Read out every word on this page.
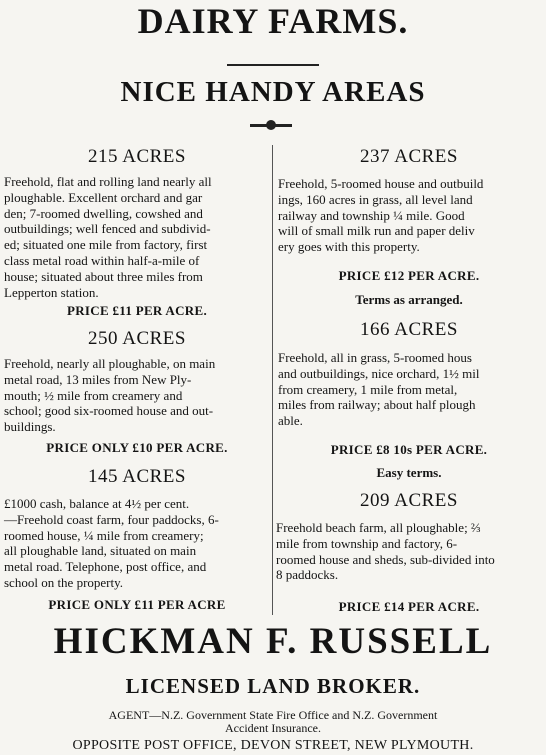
DAIRY FARMS.
NICE HANDY AREAS
215 ACRES
Freehold, flat and rolling land nearly all
ploughable. Excellent orchard and gar
den; 7-roomed dwelling, cowshed and
outbuildings; well fenced and subdivid-
ed; situated one mile from factory, first
class metal road within half-a-mile of
house; situated about three miles from
Lepperton station.
PRICE £11 PER ACRE.
250 ACRES
Freehold, nearly all ploughable, on main
metal road, 13 miles from New Ply-
mouth; ½ mile from creamery and
school; good six-roomed house and out-
buildings.
PRICE ONLY £10 PER ACRE.
145 ACRES
£1000 cash, balance at 4½ per cent.
—Freehold coast farm, four paddocks, 6-
roomed house, ¼ mile from creamery;
all ploughable land, situated on main
metal road. Telephone, post office, and
school on the property.
PRICE ONLY £11 PER ACRE
237 ACRES
Freehold, 5-roomed house and outbuild
ings, 160 acres in grass, all level land
railway and township ¼ mile. Good
will of small milk run and paper deliv
ery goes with this property.
PRICE £12 PER ACRE.
Terms as arranged.
166 ACRES
Freehold, all in grass, 5-roomed hous
and outbuildings, nice orchard, 1½ mil
from creamery, 1 mile from metal,
miles from railway; about half plough
able.
PRICE £8 10s PER ACRE.
Easy terms.
209 ACRES
Freehold beach farm, all ploughable; ⅔
mile from township and factory, 6-
roomed house and sheds, sub-divided into
8 paddocks.
PRICE £14 PER ACRE.
HICKMAN F. RUSSELL
LICENSED LAND BROKER.
AGENT—N.Z. Government State Fire Office and N.Z. Government
Accident Insurance.
OPPOSITE POST OFFICE, DEVON STREET, NEW PLYMOUTH.
